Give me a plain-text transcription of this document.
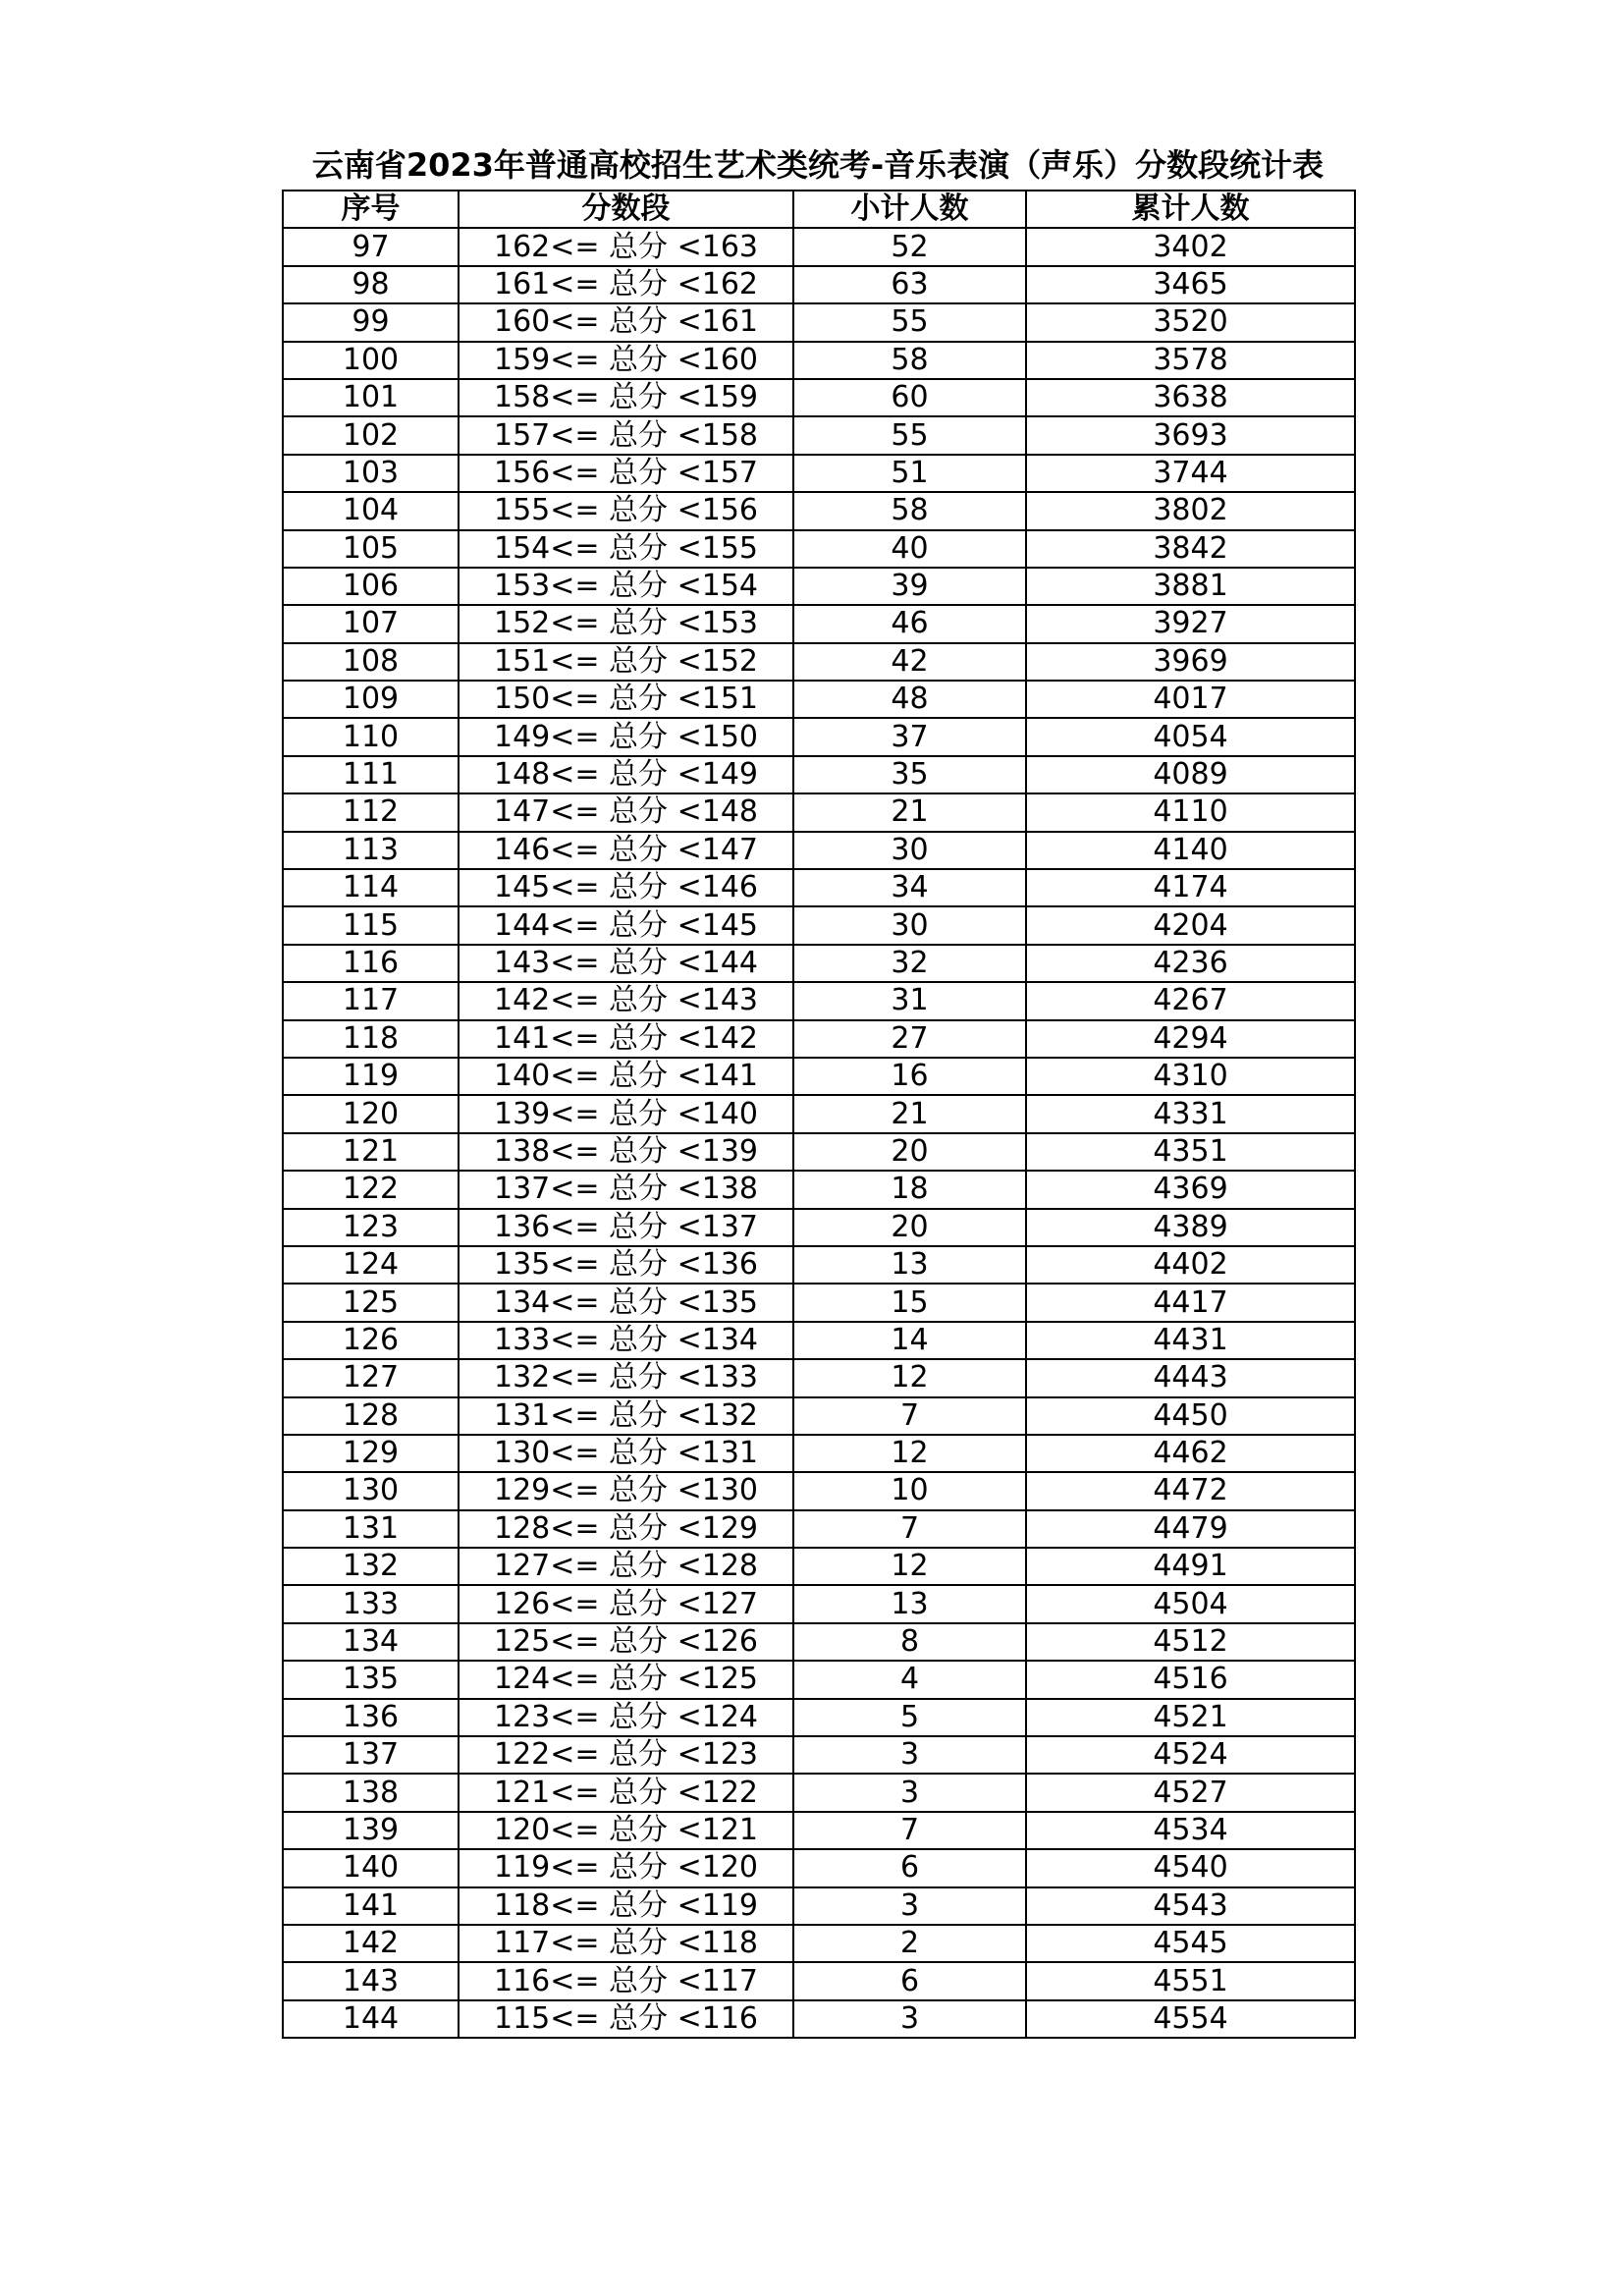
云南省2023年普通高校招生艺术类统考-音乐表演（声乐）分数段统计表
序号	分数段	小计人数	累计人数
97	162<= 总分 <163	52	3402
98	161<= 总分 <162	63	3465
99	160<= 总分 <161	55	3520
100	159<= 总分 <160	58	3578
101	158<= 总分 <159	60	3638
102	157<= 总分 <158	55	3693
103	156<= 总分 <157	51	3744
104	155<= 总分 <156	58	3802
105	154<= 总分 <155	40	3842
106	153<= 总分 <154	39	3881
107	152<= 总分 <153	46	3927
108	151<= 总分 <152	42	3969
109	150<= 总分 <151	48	4017
110	149<= 总分 <150	37	4054
111	148<= 总分 <149	35	4089
112	147<= 总分 <148	21	4110
113	146<= 总分 <147	30	4140
114	145<= 总分 <146	34	4174
115	144<= 总分 <145	30	4204
116	143<= 总分 <144	32	4236
117	142<= 总分 <143	31	4267
118	141<= 总分 <142	27	4294
119	140<= 总分 <141	16	4310
120	139<= 总分 <140	21	4331
121	138<= 总分 <139	20	4351
122	137<= 总分 <138	18	4369
123	136<= 总分 <137	20	4389
124	135<= 总分 <136	13	4402
125	134<= 总分 <135	15	4417
126	133<= 总分 <134	14	4431
127	132<= 总分 <133	12	4443
128	131<= 总分 <132	7	4450
129	130<= 总分 <131	12	4462
130	129<= 总分 <130	10	4472
131	128<= 总分 <129	7	4479
132	127<= 总分 <128	12	4491
133	126<= 总分 <127	13	4504
134	125<= 总分 <126	8	4512
135	124<= 总分 <125	4	4516
136	123<= 总分 <124	5	4521
137	122<= 总分 <123	3	4524
138	121<= 总分 <122	3	4527
139	120<= 总分 <121	7	4534
140	119<= 总分 <120	6	4540
141	118<= 总分 <119	3	4543
142	117<= 总分 <118	2	4545
143	116<= 总分 <117	6	4551
144	115<= 总分 <116	3	4554
